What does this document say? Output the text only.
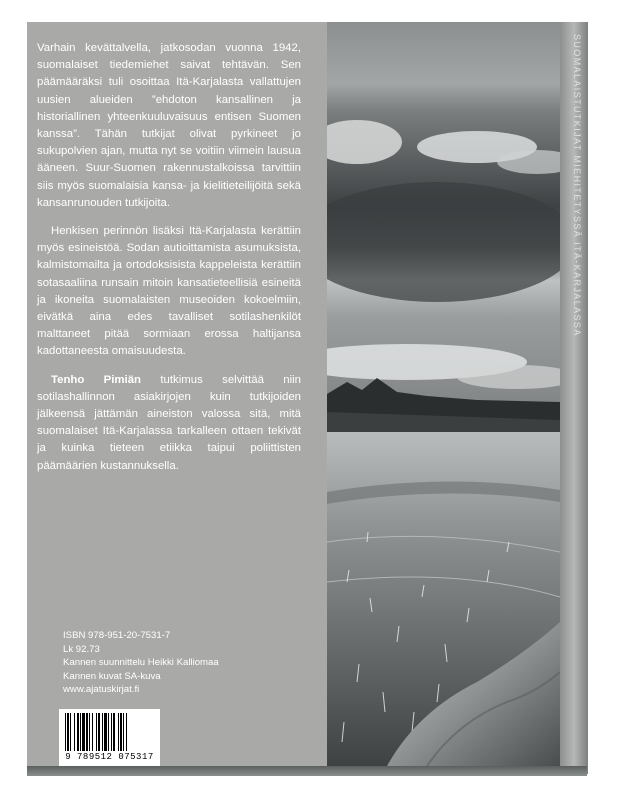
SUOMALAISTUTKIJAT MIEHITETYSSÄ ITÄ-KARJALASSA

Varhain kevättalvella, jatkosodan vuonna 1942, suomalaiset tiedemiehet saivat tehtävän. Sen päämääräksi tuli osoittaa Itä-Karjalasta vallattujen uusien alueiden ”ehdoton kansallinen ja historiallinen yhteenkuuluvaisuus entisen Suomen kanssa”. Tähän tutkijat olivat pyrkineet jo sukupolvien ajan, mutta nyt se voitiin viimein lausua ääneen. Suur-Suomen rakennustalkoissa tarvittiin siis myös suomalaisia kansa- ja kielitieteilijöitä sekä kansanrunouden tutkijoita.

Henkisen perinnön lisäksi Itä-Karjalasta kerättiin myös esineistöä. Sodan autioittamista asumuksista, kalmistomailta ja ortodoksisista kappeleista kerättiin sotasaaliina runsain mitoin kansatieteellisiä esineitä ja ikoneita suomalaisten museoiden kokoelmiin, eivätkä aina edes tavalliset sotilashenkilöt malttaneet pitää sormiaan erossa haltijansa kadottaneesta omaisuudesta.

Tenho Pimiän tutkimus selvittää niin sotilashallinnon asiakirjojen kuin tutkijoiden jälkeensä jättämän aineiston valossa sitä, mitä suomalaiset Itä-Karjalassa tarkalleen ottaen tekivät ja kuinka tieteen etiikka taipui poliittisten päämäärien kustannuksella.

ISBN 978-951-20-7531-7
Lk 92.73
Kannen suunnittelu Heikki Kalliomaa
Kannen kuvat SA-kuva
www.ajatuskirjat.fi
9 789512 075317
